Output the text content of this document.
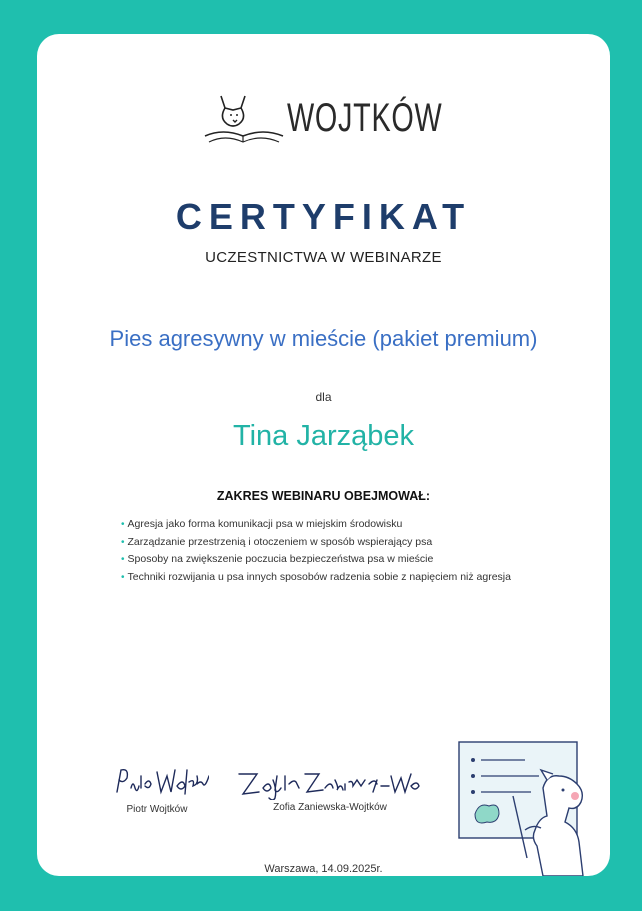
WOJTKÓW
CERTYFIKAT
UCZESTNICTWA W WEBINARZE
Pies agresywny w mieście (pakiet premium)
dla
Tina Jarząbek
ZAKRES WEBINARU OBEJMOWAŁ:
• Agresja jako forma komunikacji psa w miejskim środowisku
• Zarządzanie przestrzenią i otoczeniem w sposób wspierający psa
• Sposoby na zwiększenie poczucia bezpieczeństwa psa w mieście
• Techniki rozwijania u psa innych sposobów radzenia sobie z napięciem niż agresja
Piotr Wojtków	Zofia Zaniewska-Wojtków
Warszawa, 14.09.2025r.
